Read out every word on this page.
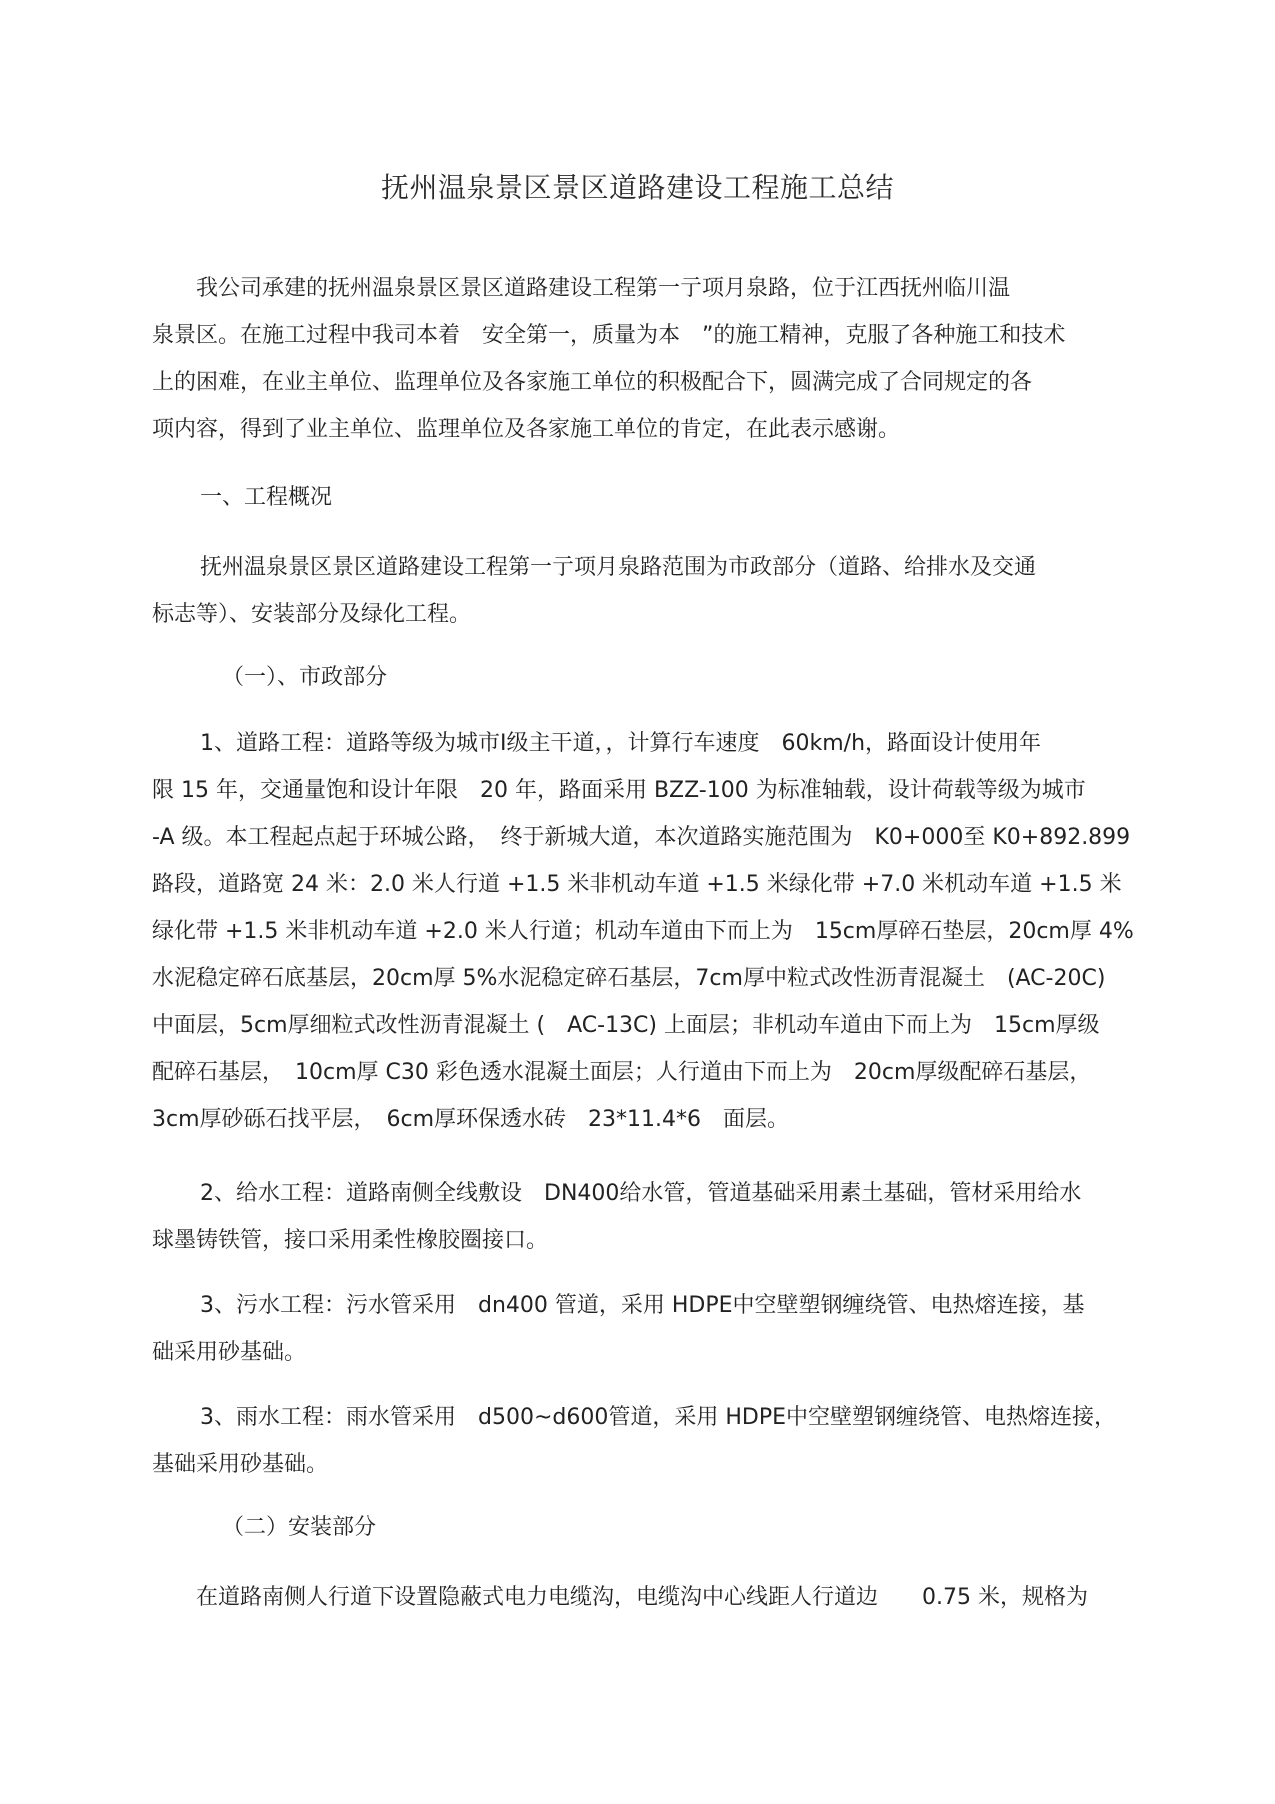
抚州温泉景区景区道路建设工程施工总结
　　我公司承建的抚州温泉景区景区道路建设工程第一亍项月泉路，位于江西抚州临川温
泉景区。在施工过程中我司本着　安全第一，质量为本　”的施工精神，克服了各种施工和技术
上的困难，在业主单位、监理单位及各家施工单位的积极配合下，圆满完成了合同规定的各
项内容，得到了业主单位、监理单位及各家施工单位的肯定，在此表示感谢。
一、工程概况
抚州温泉景区景区道路建设工程第一亍项月泉路范围为市政部分（道路、给排水及交通
标志等）、安装部分及绿化工程。
（一）、市政部分
1、道路工程：道路等级为城市Ⅰ级主干道，，计算行车速度　60km/h，路面设计使用年
限 15 年，交通量饱和设计年限　20 年，路面采用 BZZ-100 为标准轴载，设计荷载等级为城市
-A 级。本工程起点起于环城公路，　终于新城大道，本次道路实施范围为　K0+000至 K0+892.899
路段，道路宽 24 米：2.0 米人行道 +1.5 米非机动车道 +1.5 米绿化带 +7.0 米机动车道 +1.5 米
绿化带 +1.5 米非机动车道 +2.0 米人行道；机动车道由下而上为　15cm厚碎石垫层，20cm厚 4%
水泥稳定碎石底基层，20cm厚 5%水泥稳定碎石基层，7cm厚中粒式改性沥青混凝土　(AC-20C)
中面层，5cm厚细粒式改性沥青混凝土 (　AC-13C) 上面层；非机动车道由下而上为　15cm厚级
配碎石基层，　10cm厚 C30 彩色透水混凝土面层；人行道由下而上为　20cm厚级配碎石基层，
3cm厚砂砾石找平层，　6cm厚环保透水砖　23*11.4*6　面层。
2、给水工程：道路南侧全线敷设　DN400给水管，管道基础采用素土基础，管材采用给水
球墨铸铁管，接口采用柔性橡胶圈接口。
3、污水工程：污水管采用　dn400 管道，采用 HDPE中空壁塑钢缠绕管、电热熔连接，基
础采用砂基础。
3、雨水工程：雨水管采用　d500~d600管道，采用 HDPE中空壁塑钢缠绕管、电热熔连接，
基础采用砂基础。
（二）安装部分
在道路南侧人行道下设置隐蔽式电力电缆沟，电缆沟中心线距人行道边　　0.75 米，规格为
